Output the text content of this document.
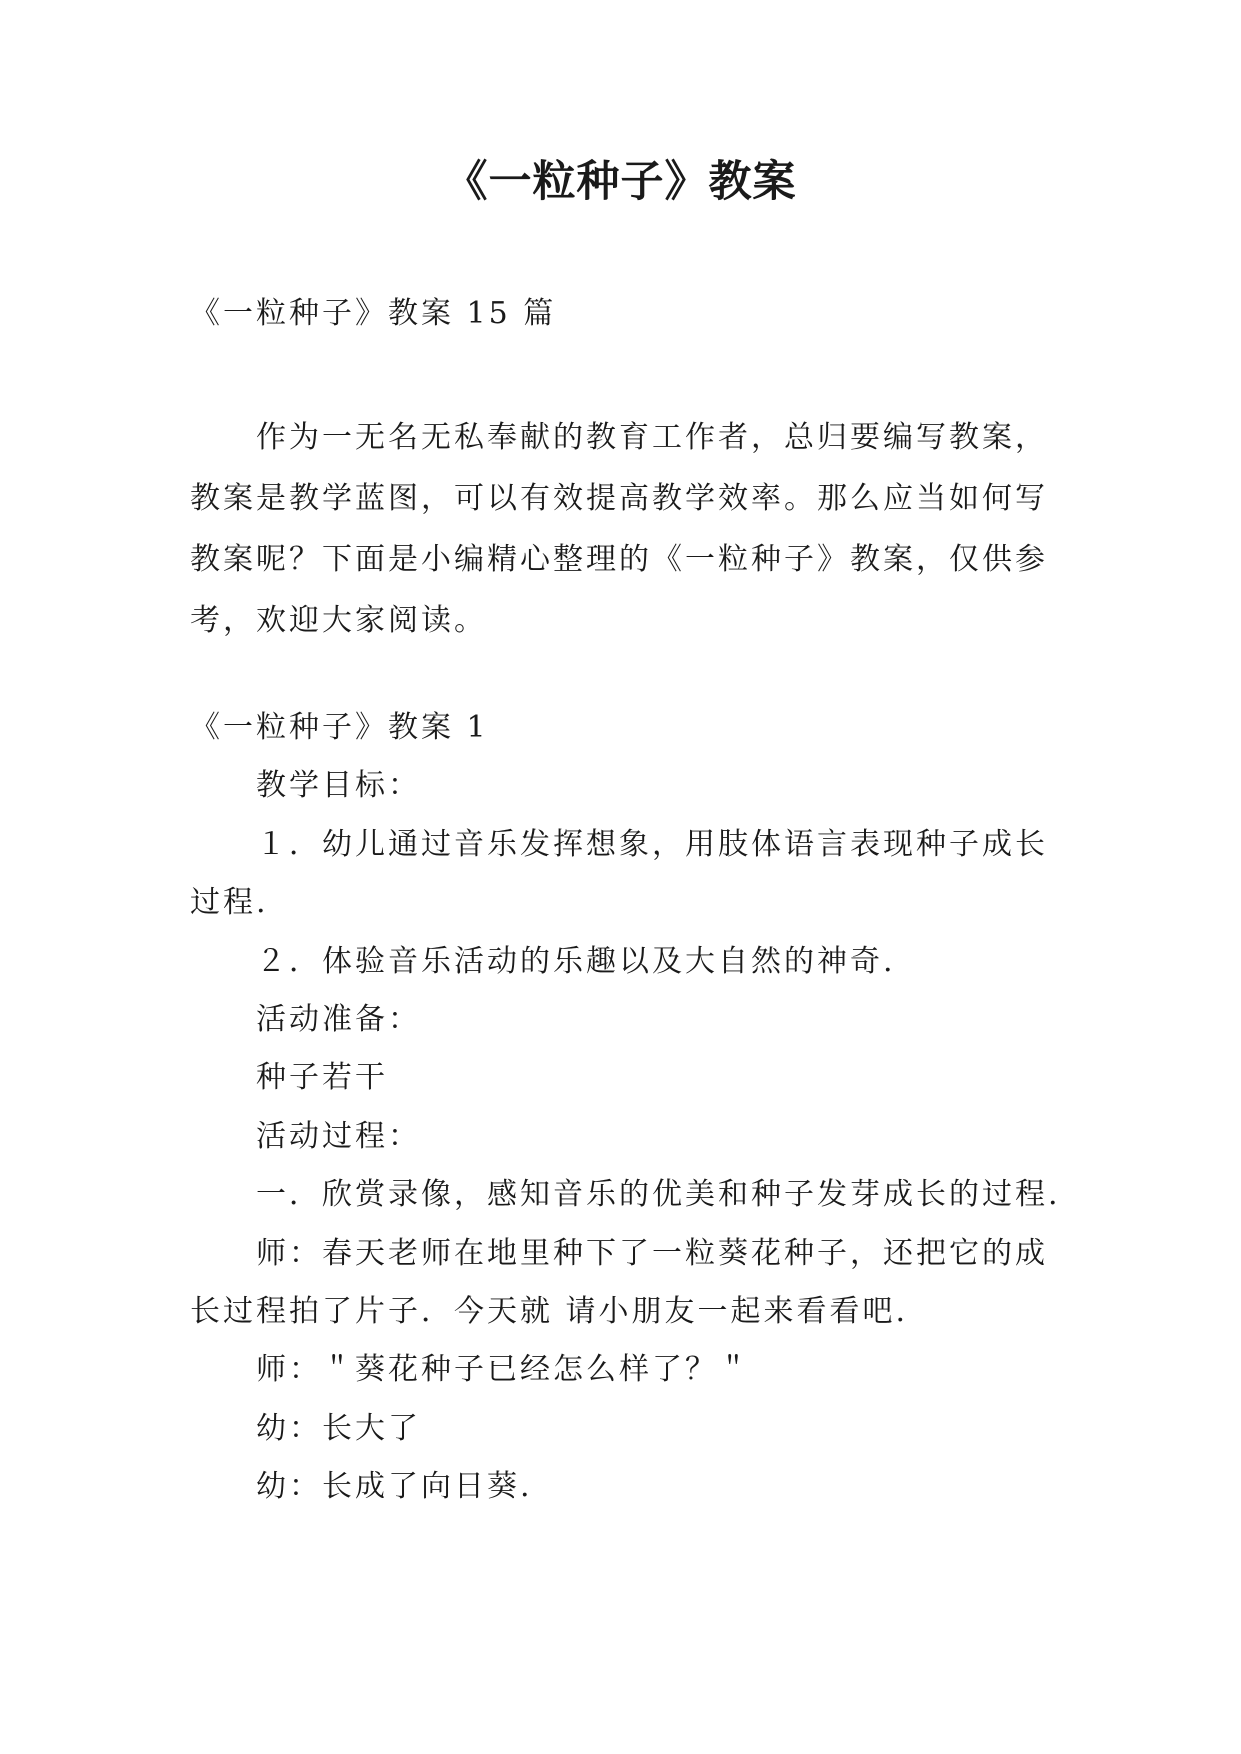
《一粒种子》教案
《一粒种子》教案 15 篇

作为一无名无私奉献的教育工作者，总归要编写教案，教案是教学蓝图，可以有效提高教学效率。那么应当如何写教案呢？下面是小编精心整理的《一粒种子》教案，仅供参考，欢迎大家阅读。

《一粒种子》教案 1

教学目标：

１．幼儿通过音乐发挥想象，用肢体语言表现种子成长过程.

２．体验音乐活动的乐趣以及大自然的神奇.

活动准备：

种子若干

活动过程：

一．欣赏录像，感知音乐的优美和种子发芽成长的过程.

师：春天老师在地里种下了一粒葵花种子，还把它的成长过程拍了片子．今天就 请小朋友一起来看看吧.

师：＂葵花种子已经怎么样了？＂

幼：长大了

幼：长成了向日葵.
